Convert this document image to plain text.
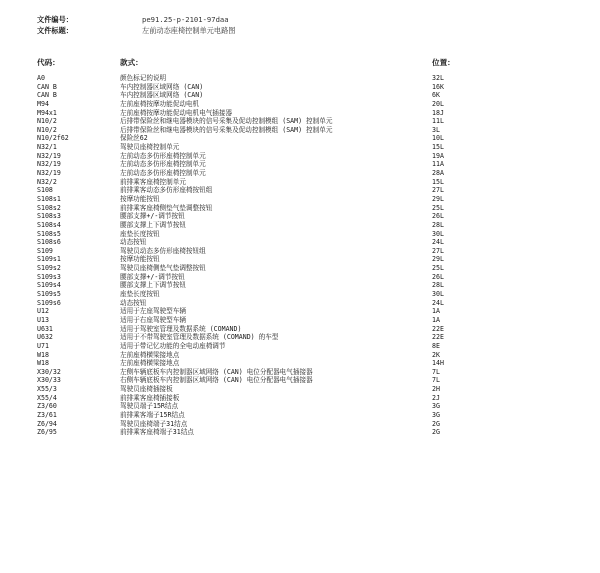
文件编号：	pe91.25-p-2101-97daa
文件标题：	左前动态座椅控制单元电路图
代码：	款式：	位置：
A0	颜色标记的说明	32L
CAN B	车内控制器区域网络 (CAN)	16K
CAN B	车内控制器区域网络 (CAN)	6K
M94	左前座椅按摩功能促动电机	20L
M94x1	左前座椅按摩功能促动电机电气插接器	18J
N10/2	后排带保险丝和继电器模块的信号采集及促动控制模组 (SAM) 控制单元	11L
N10/2	后排带保险丝和继电器模块的信号采集及促动控制模组 (SAM) 控制单元	3L
N10/2f62	保险丝62	10L
N32/1	驾驶员座椅控制单元	15L
N32/19	左前动态多仿形座椅控制单元	19A
N32/19	左前动态多仿形座椅控制单元	11A
N32/19	左前动态多仿形座椅控制单元	28A
N32/2	前排乘客座椅控制单元	15L
S108	前排乘客动态多仿形座椅按钮组	27L
S108s1	按摩功能按钮	29L
S108s2	前排乘客座椅侧垫气垫调整按钮	25L
S108s3	腰部支撑+/-调节按钮	26L
S108s4	腰部支撑上下调节按钮	28L
S108s5	座垫长度按钮	30L
S108s6	动态按钮	24L
S109	驾驶员动态多仿形座椅按钮组	27L
S109s1	按摩功能按钮	29L
S109s2	驾驶员座椅侧垫气垫调整按钮	25L
S109s3	腰部支撑+/-调节按钮	26L
S109s4	腰部支撑上下调节按钮	28L
S109s5	座垫长度按钮	30L
S109s6	动态按钮	24L
U12	适用于左座驾驶型车辆	1A
U13	适用于右座驾驶型车辆	1A
U631	适用于驾驶室管理及数据系统 (COMAND)	22E
U632	适用于不带驾驶室管理及数据系统 (COMAND) 的车型	22E
U71	适用于带记忆功能的全电动座椅调节	8E
W18	左前座椅横梁接地点	2K
W18	左前座椅横梁接地点	14H
X30/32	左侧车辆底板车内控制器区域网络 (CAN) 电位分配器电气插接器	7L
X30/33	右侧车辆底板车内控制器区域网络 (CAN) 电位分配器电气插接器	7L
X55/3	驾驶员座椅插接板	2H
X55/4	前排乘客座椅插接板	2J
Z3/60	驾驶员端子15R结点	3G
Z3/61	前排乘客端子15R结点	3G
Z6/94	驾驶员座椅端子31结点	2G
Z6/95	前排乘客座椅端子31结点	2G
